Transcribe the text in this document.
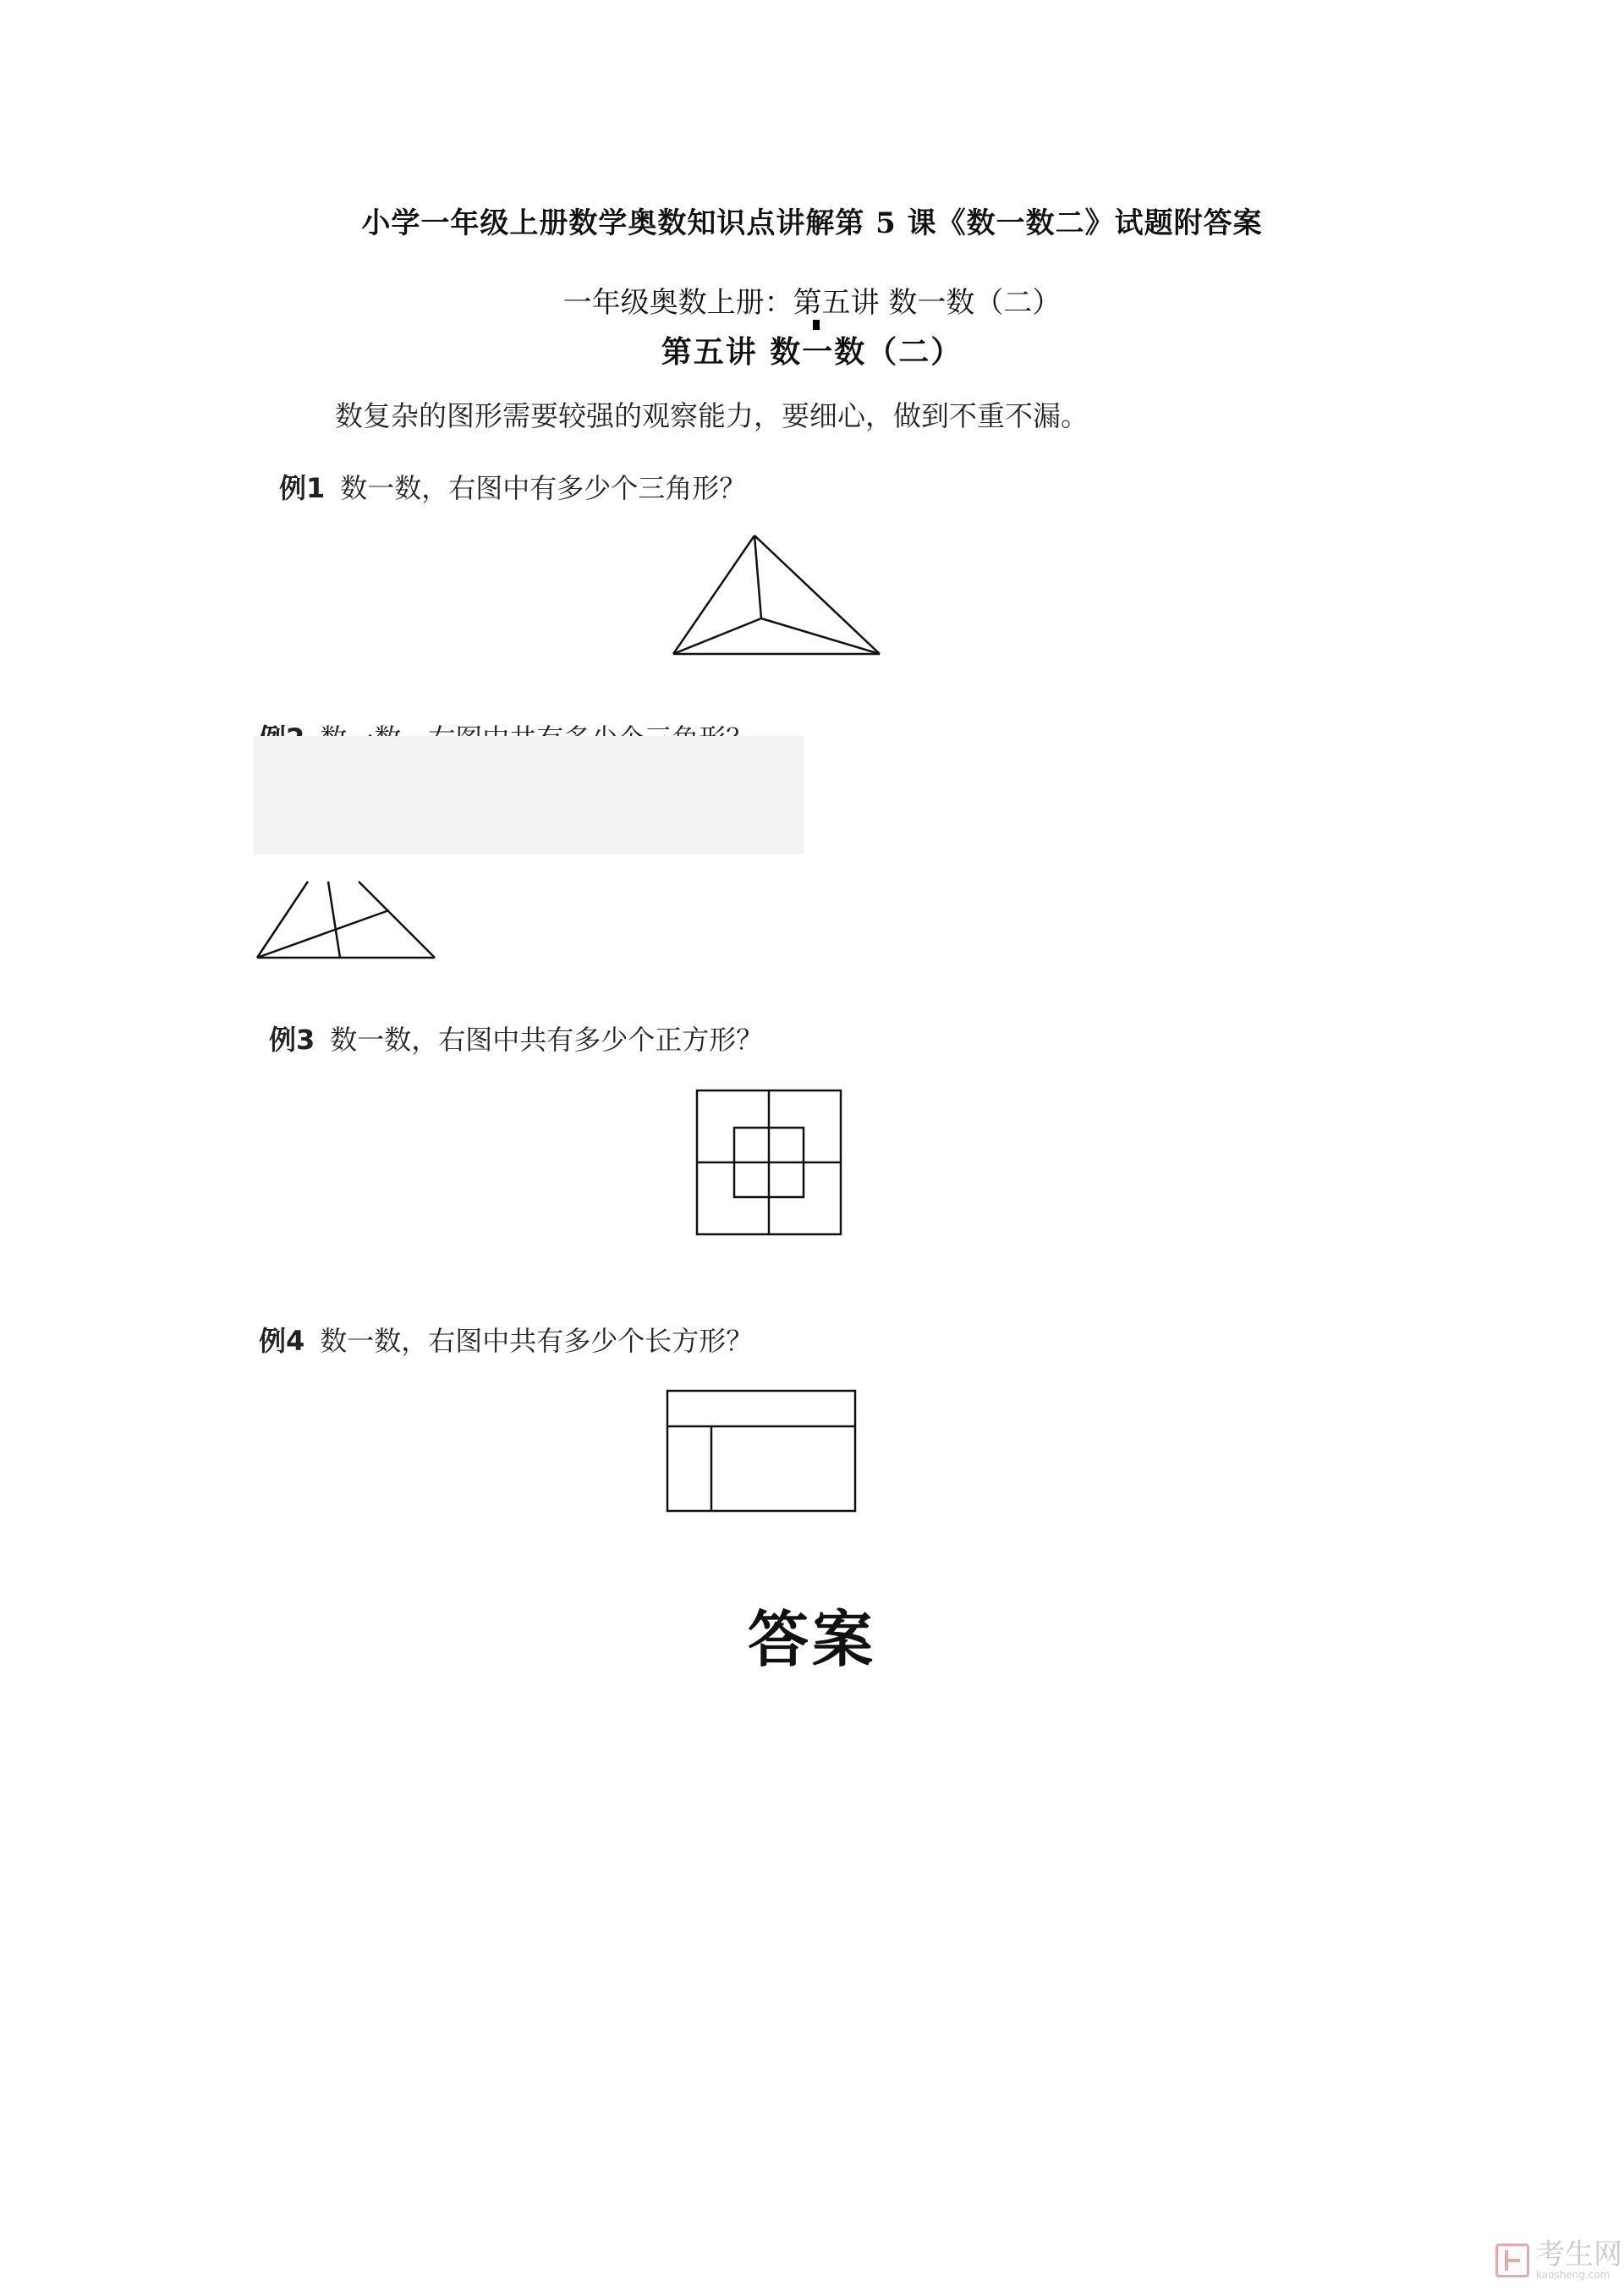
小学一年级上册数学奥数知识点讲解第 5 课《数一数二》试题附答案
一年级奥数上册：第五讲 数一数（二）
第五讲 数一数（二）
数复杂的图形需要较强的观察能力，要细心，做到不重不漏。
例1 数一数，右图中有多少个三角形？
例3 数一数，右图中共有多少个正方形？
例4 数一数，右图中共有多少个长方形？
答案
考生网
kaosheng.com
